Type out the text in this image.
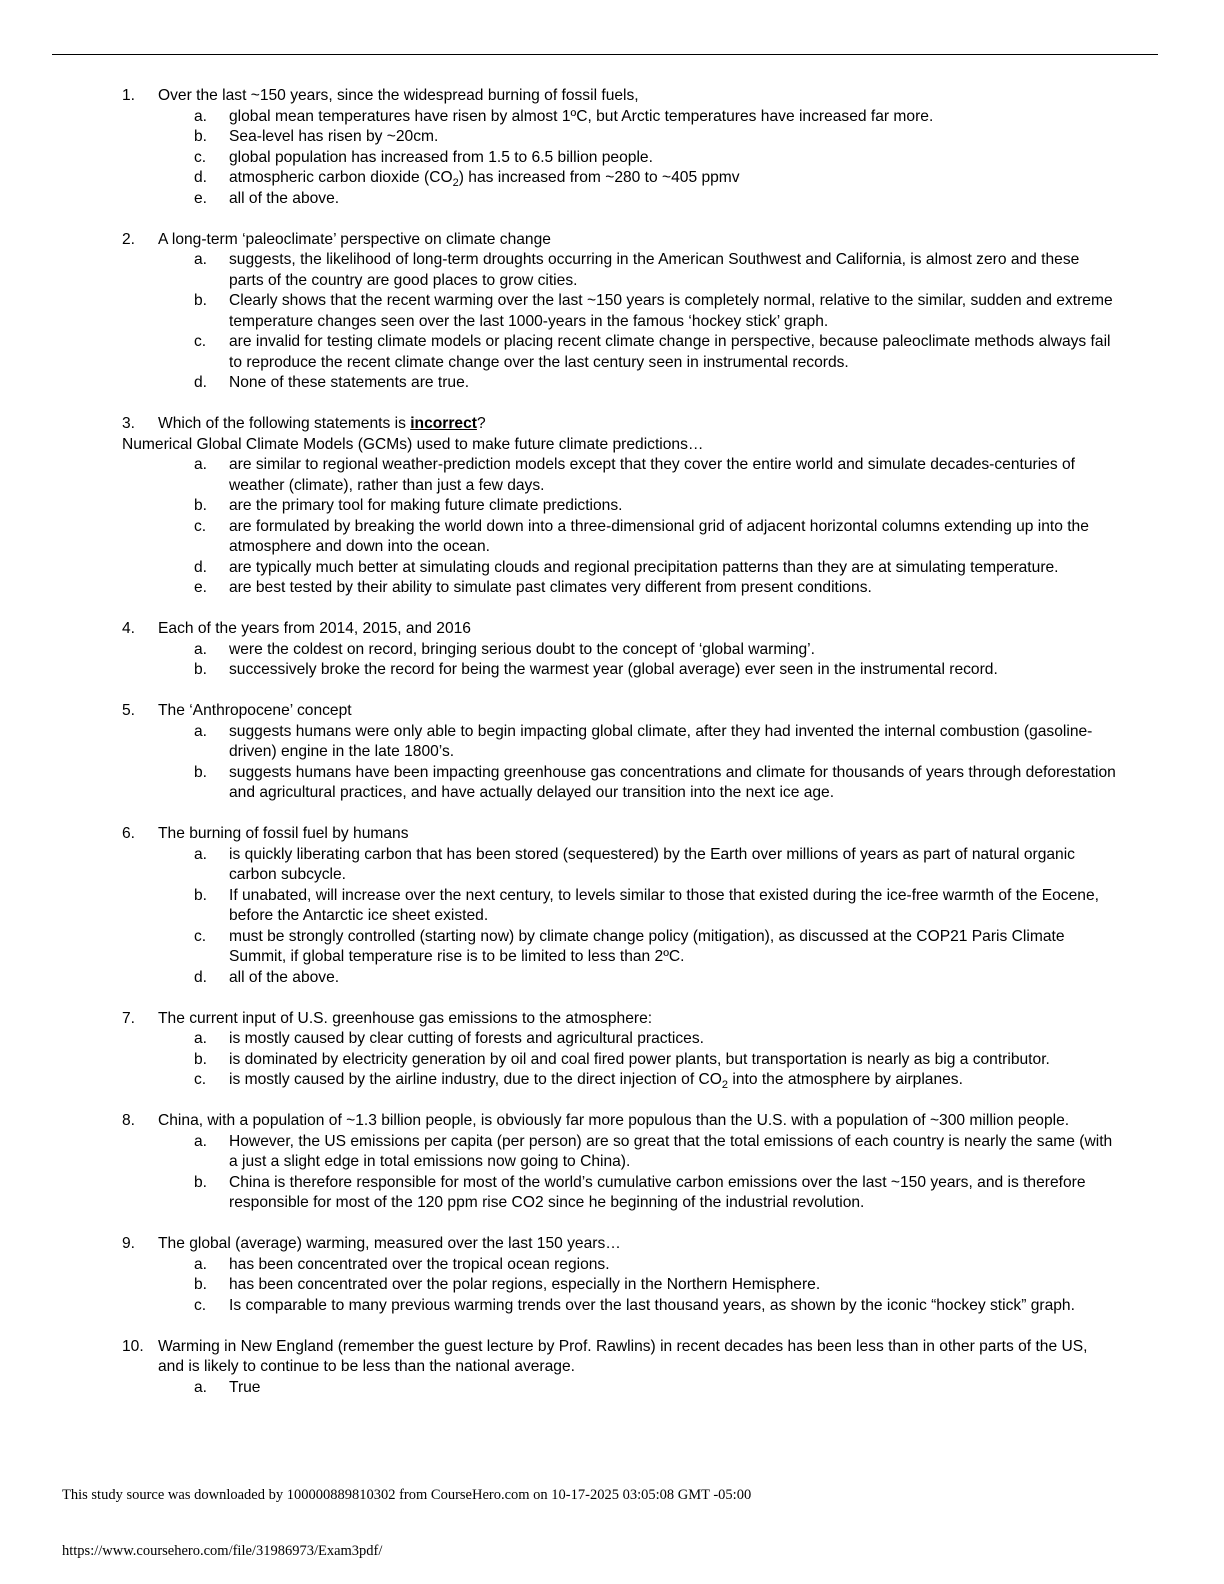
1. Over the last ~150 years, since the widespread burning of fossil fuels,
a. global mean temperatures have risen by almost 1ºC, but Arctic temperatures have increased far more.
b. Sea-level has risen by ~20cm.
c. global population has increased from 1.5 to 6.5 billion people.
d. atmospheric carbon dioxide $(CO_2)$ has increased from ~280 to ~405 ppmv
e. all of the above.
2. A long-term ‘paleoclimate’ perspective on climate change
a. suggests, the likelihood of long-term droughts occurring in the American Southwest and California, is almost zero and these parts of the country are good places to grow cities.
b. Clearly shows that the recent warming over the last ~150 years is completely normal, relative to the similar, sudden and extreme temperature changes seen over the last 1000-years in the famous ‘hockey stick’ graph.
c. are invalid for testing climate models or placing recent climate change in perspective, because paleoclimate methods always fail to reproduce the recent climate change over the last century seen in instrumental records.
d. None of these statements are true.
3. Which of the following statements is incorrect?
Numerical Global Climate Models (GCMs) used to make future climate predictions…
a. are similar to regional weather-prediction models except that they cover the entire world and simulate decades-centuries of weather (climate), rather than just a few days.
b. are the primary tool for making future climate predictions.
c. are formulated by breaking the world down into a three-dimensional grid of adjacent horizontal columns extending up into the atmosphere and down into the ocean.
d. are typically much better at simulating clouds and regional precipitation patterns than they are at simulating temperature.
e. are best tested by their ability to simulate past climates very different from present conditions.
4. Each of the years from 2014, 2015, and 2016
a. were the coldest on record, bringing serious doubt to the concept of ‘global warming’.
b. successively broke the record for being the warmest year (global average) ever seen in the instrumental record.
5. The ‘Anthropocene’ concept
a. suggests humans were only able to begin impacting global climate, after they had invented the internal combustion (gasoline-driven) engine in the late 1800’s.
b. suggests humans have been impacting greenhouse gas concentrations and climate for thousands of years through deforestation and agricultural practices, and have actually delayed our transition into the next ice age.
6. The burning of fossil fuel by humans
a. is quickly liberating carbon that has been stored (sequestered) by the Earth over millions of years as part of natural organic carbon subcycle.
b. If unabated, will increase over the next century, to levels similar to those that existed during the ice-free warmth of the Eocene, before the Antarctic ice sheet existed.
c. must be strongly controlled (starting now) by climate change policy (mitigation), as discussed at the COP21 Paris Climate Summit, if global temperature rise is to be limited to less than 2ºC.
d. all of the above.
7. The current input of U.S. greenhouse gas emissions to the atmosphere:
a. is mostly caused by clear cutting of forests and agricultural practices.
b. is dominated by electricity generation by oil and coal fired power plants, but transportation is nearly as big a contributor.
c. is mostly caused by the airline industry, due to the direct injection of $CO_2$ into the atmosphere by airplanes.
8. China, with a population of ~1.3 billion people, is obviously far more populous than the U.S. with a population of ~300 million people.
a. However, the US emissions per capita (per person) are so great that the total emissions of each country is nearly the same (with a just a slight edge in total emissions now going to China).
b. China is therefore responsible for most of the world’s cumulative carbon emissions over the last ~150 years, and is therefore responsible for most of the 120 ppm rise CO2 since he beginning of the industrial revolution.
9. The global (average) warming, measured over the last 150 years…
a. has been concentrated over the tropical ocean regions.
b. has been concentrated over the polar regions, especially in the Northern Hemisphere.
c. Is comparable to many previous warming trends over the last thousand years, as shown by the iconic “hockey stick” graph.
10. Warming in New England (remember the guest lecture by Prof. Rawlins) in recent decades has been less than in other parts of the US, and is likely to continue to be less than the national average.
a. True
This study source was downloaded by 100000889810302 from CourseHero.com on 10-17-2025 03:05:08 GMT -05:00
https://www.coursehero.com/file/31986973/Exam3pdf/
